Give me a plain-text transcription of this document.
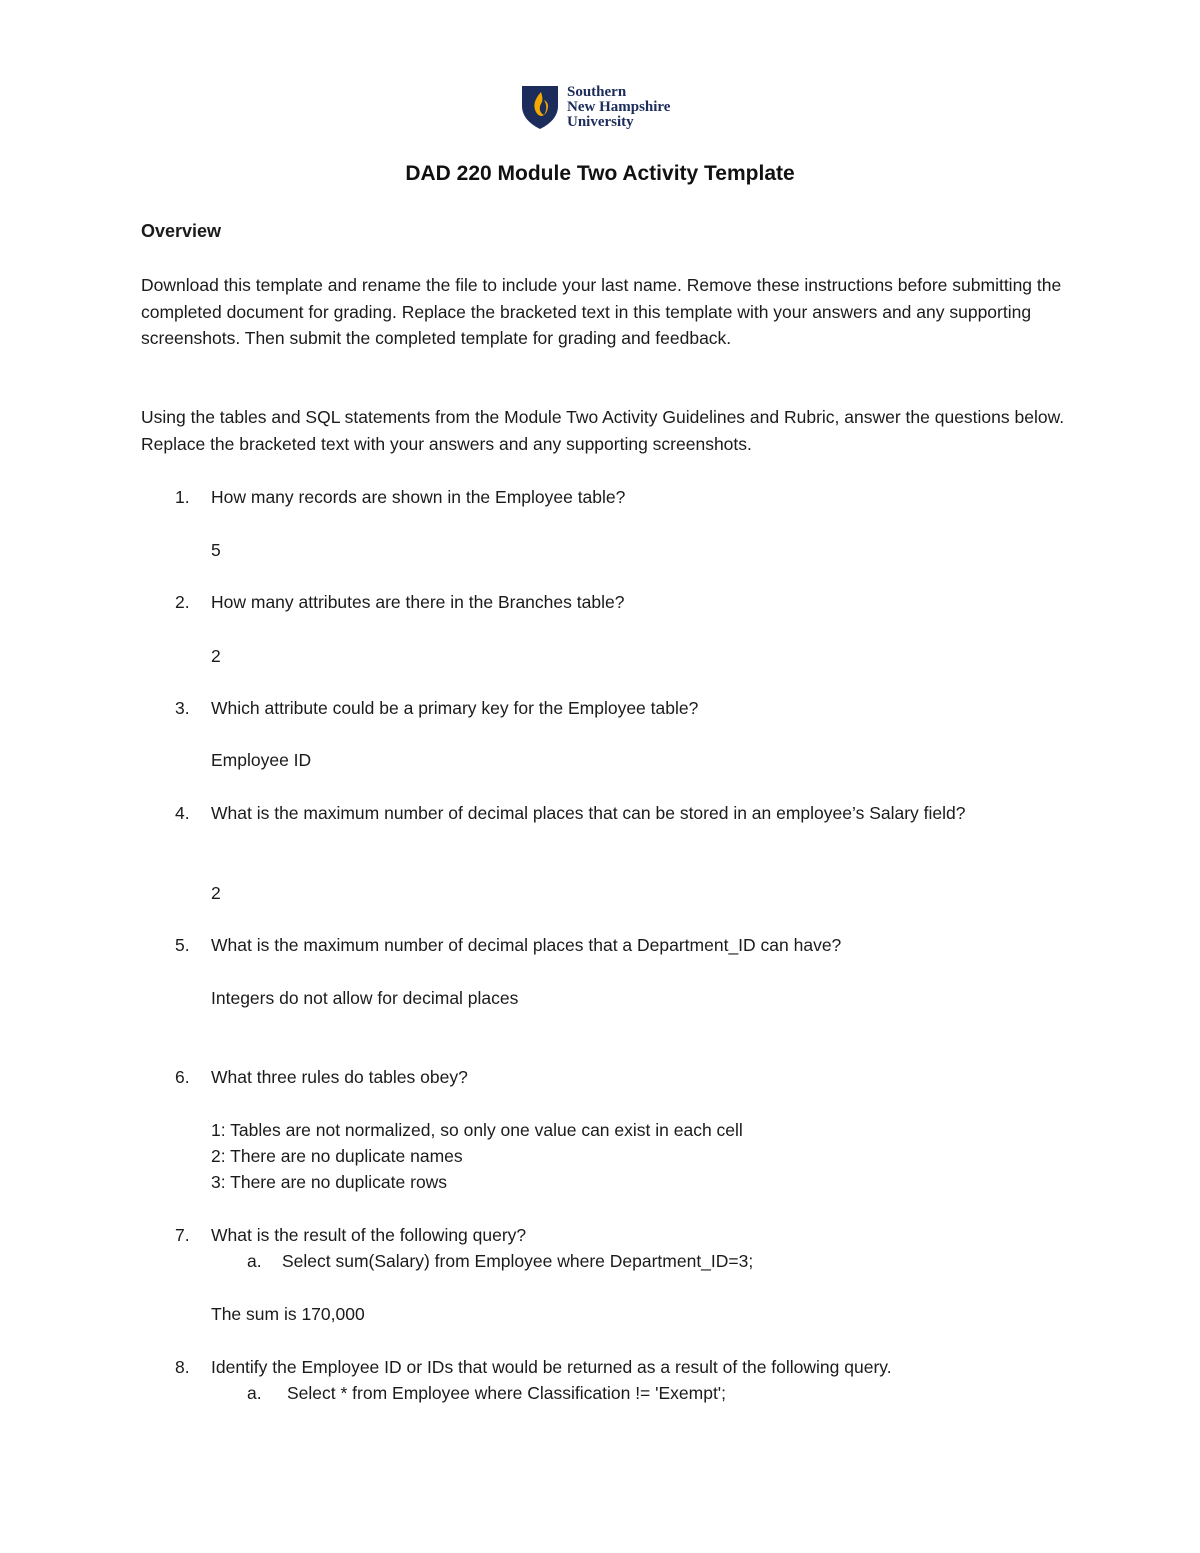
Southern
New Hampshire
University
DAD 220 Module Two Activity Template
Overview

Download this template and rename the file to include your last name. Remove these instructions before submitting the completed document for grading. Replace the bracketed text in this template with your answers and any supporting screenshots. Then submit the completed template for grading and feedback.

Using the tables and SQL statements from the Module Two Activity Guidelines and Rubric, answer the questions below. Replace the bracketed text with your answers and any supporting screenshots.

1. How many records are shown in the Employee table?
5
2. How many attributes are there in the Branches table?
2
3. Which attribute could be a primary key for the Employee table?
Employee ID
4. What is the maximum number of decimal places that can be stored in an employee’s Salary field?
2
5. What is the maximum number of decimal places that a Department_ID can have?
Integers do not allow for decimal places
6. What three rules do tables obey?
1: Tables are not normalized, so only one value can exist in each cell
2: There are no duplicate names
3: There are no duplicate rows
7. What is the result of the following query?
a. Select sum(Salary) from Employee where Department_ID=3;
The sum is 170,000
8. Identify the Employee ID or IDs that would be returned as a result of the following query.
a. Select * from Employee where Classification != 'Exempt';
